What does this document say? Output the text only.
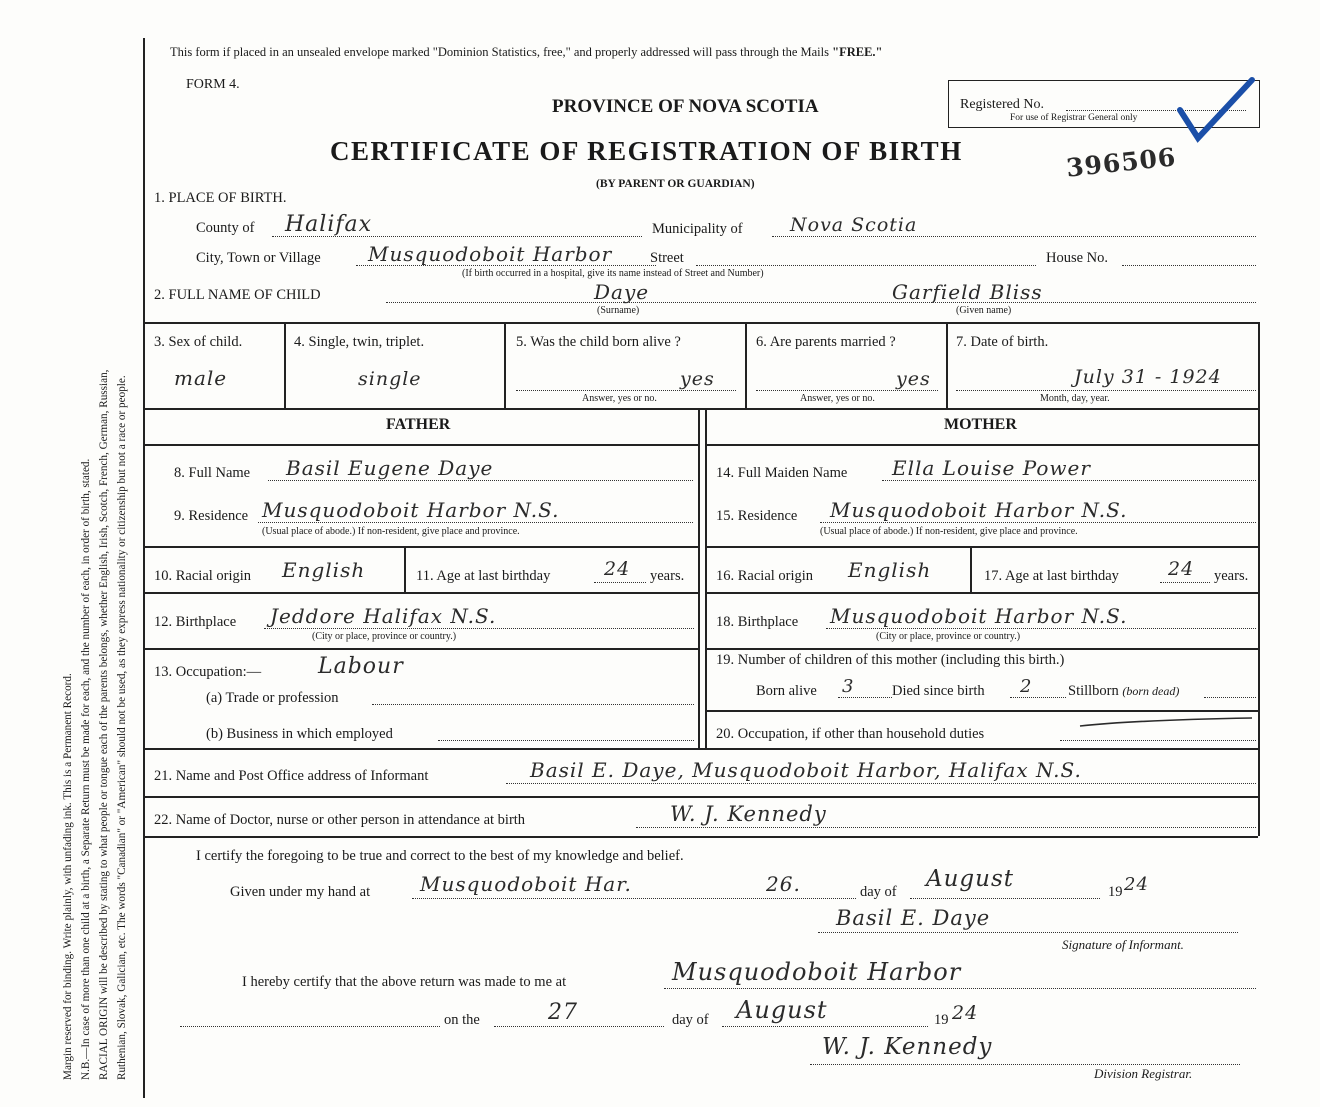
Margin reserved for binding. Write plainly, with unfading ink. This is a Permanent Record. N.B.—In case of more than one child at a birth, a Separate Return must be made for each, and the number of each, in order of birth, stated. RACIAL ORIGIN will be described by stating to what people or tongue each of the parents belongs, whether English, Irish, Scotch, French, German, Russian, Ruthenian, Slovak, Galician, etc. The words "Canadian" or "American" should not be used, as they express nationality or citizenship but not a race or people.
This form if placed in an unsealed envelope marked "Dominion Statistics, free," and properly addressed will pass through the Mails "FREE."
FORM 4.
PROVINCE OF NOVA SCOTIA	Registered No.
For use of Registrar General only
CERTIFICATE OF REGISTRATION OF BIRTH	396506
(BY PARENT OR GUARDIAN)
1. PLACE OF BIRTH.
County of Halifax	Municipality of Nova Scotia
City, Town or Village Musquodoboit Harbor	Street	House No.
(If birth occurred in a hospital, give its name instead of Street and Number)
2. FULL NAME OF CHILD	Daye	Garfield Bliss
(Surname)	(Given name)
3. Sex of child.
male
4. Single, twin, triplet.
single
5. Was the child born alive ?
yes
Answer, yes or no.
6. Are parents married ?
yes
Answer, yes or no.
7. Date of birth.
July 31 - 1924
Month, day, year.
FATHER	MOTHER
8. Full Name Basil Eugene Daye
9. Residence Musquodoboit Harbor N.S.
(Usual place of abode.) If non-resident, give place and province.
10. Racial origin English	11. Age at last birthday	24 years.
12. Birthplace Jeddore Halifax N.S.
(City or place, province or country.)
13. Occupation:—	Labour
(a) Trade or profession
(b) Business in which employed
14. Full Maiden Name Ella Louise Power
15. Residence Musquodoboit Harbor N.S.
(Usual place of abode.) If non-resident, give place and province.
16. Racial origin English	17. Age at last birthday	24 years.
18. Birthplace Musquodoboit Harbor N.S.
(City or place, province or country.)
19. Number of children of this mother (including this birth.)
Born alive 3	Died since birth 2 Stillborn (born dead)
20. Occupation, if other than household duties
21. Name and Post Office address of Informant	Basil E. Daye, Musquodoboit Harbor, Halifax N.S.
22. Name of Doctor, nurse or other person in attendance at birth	W. J. Kennedy
I certify the foregoing to be true and correct to the best of my knowledge and belief.
Given under my hand at Musquodoboit Har.	26.	day of August	19 24
Basil E. Daye
Signature of Informant.
I hereby certify that the above return was made to me at	Musquodoboit Harbor
on the	27	day of August	19 24
W. J. Kennedy
Division Registrar.
